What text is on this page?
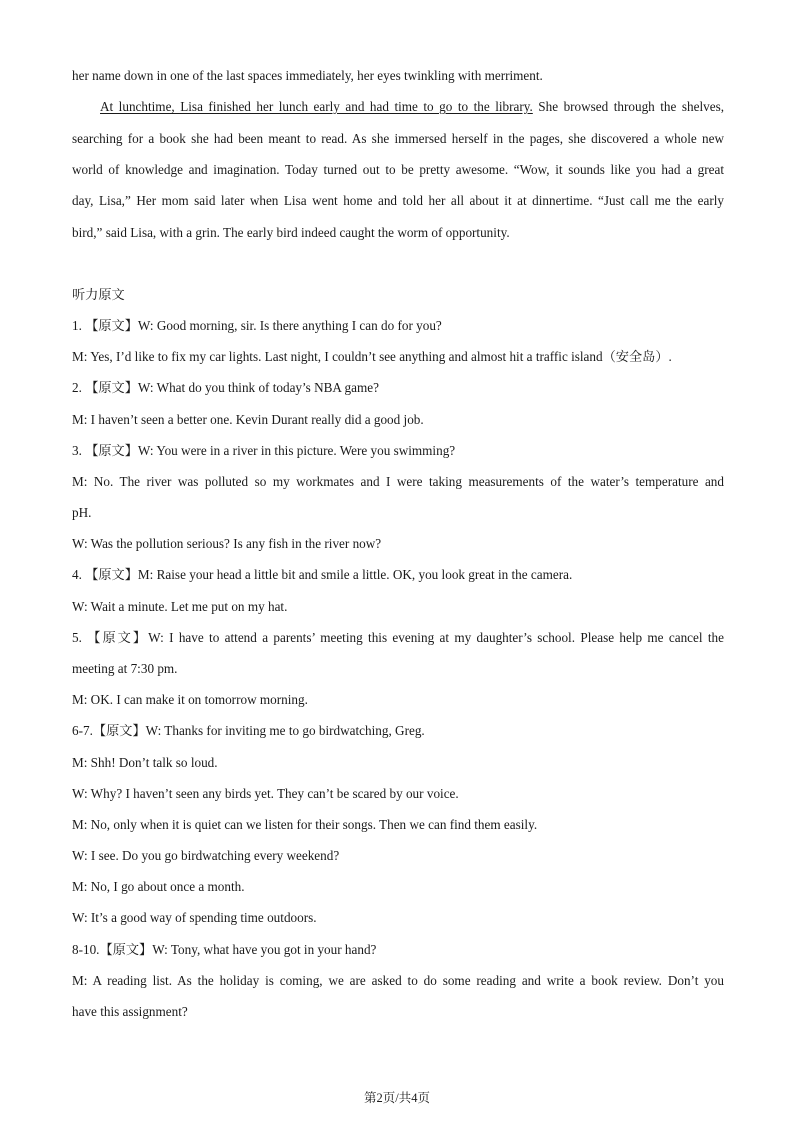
her name down in one of the last spaces immediately, her eyes twinkling with merriment.
At lunchtime, Lisa finished her lunch early and had time to go to the library. She browsed through the shelves,
searching for a book she had been meant to read. As she immersed herself in the pages, she discovered a whole new
world of knowledge and imagination. Today turned out to be pretty awesome. “Wow, it sounds like you had a great
day, Lisa,” Her mom said later when Lisa went home and told her all about it at dinnertime. “Just call me the early
bird,” said Lisa, with a grin. The early bird indeed caught the worm of opportunity.
听力原文
1. 【原文】W: Good morning, sir. Is there anything I can do for you?
M: Yes, I’d like to fix my car lights. Last night, I couldn’t see anything and almost hit a traffic island（安全岛）.
2. 【原文】W: What do you think of today’s NBA game?
M: I haven’t seen a better one. Kevin Durant really did a good job.
3. 【原文】W: You were in a river in this picture. Were you swimming?
M: No. The river was polluted so my workmates and I were taking measurements of the water’s temperature and
pH.
W: Was the pollution serious? Is any fish in the river now?
4. 【原文】M: Raise your head a little bit and smile a little. OK, you look great in the camera.
W: Wait a minute. Let me put on my hat.
5. 【原文】W: I have to attend a parents’ meeting this evening at my daughter’s school. Please help me cancel the
meeting at 7:30 pm.
M: OK. I can make it on tomorrow morning.
6-7.【原文】W: Thanks for inviting me to go birdwatching, Greg.
M: Shh! Don’t talk so loud.
W: Why? I haven’t seen any birds yet. They can’t be scared by our voice.
M: No, only when it is quiet can we listen for their songs. Then we can find them easily.
W: I see. Do you go birdwatching every weekend?
M: No, I go about once a month.
W: It’s a good way of spending time outdoors.
8-10.【原文】W: Tony, what have you got in your hand?
M: A reading list. As the holiday is coming, we are asked to do some reading and write a book review. Don’t you
have this assignment?
第2页/共4页
